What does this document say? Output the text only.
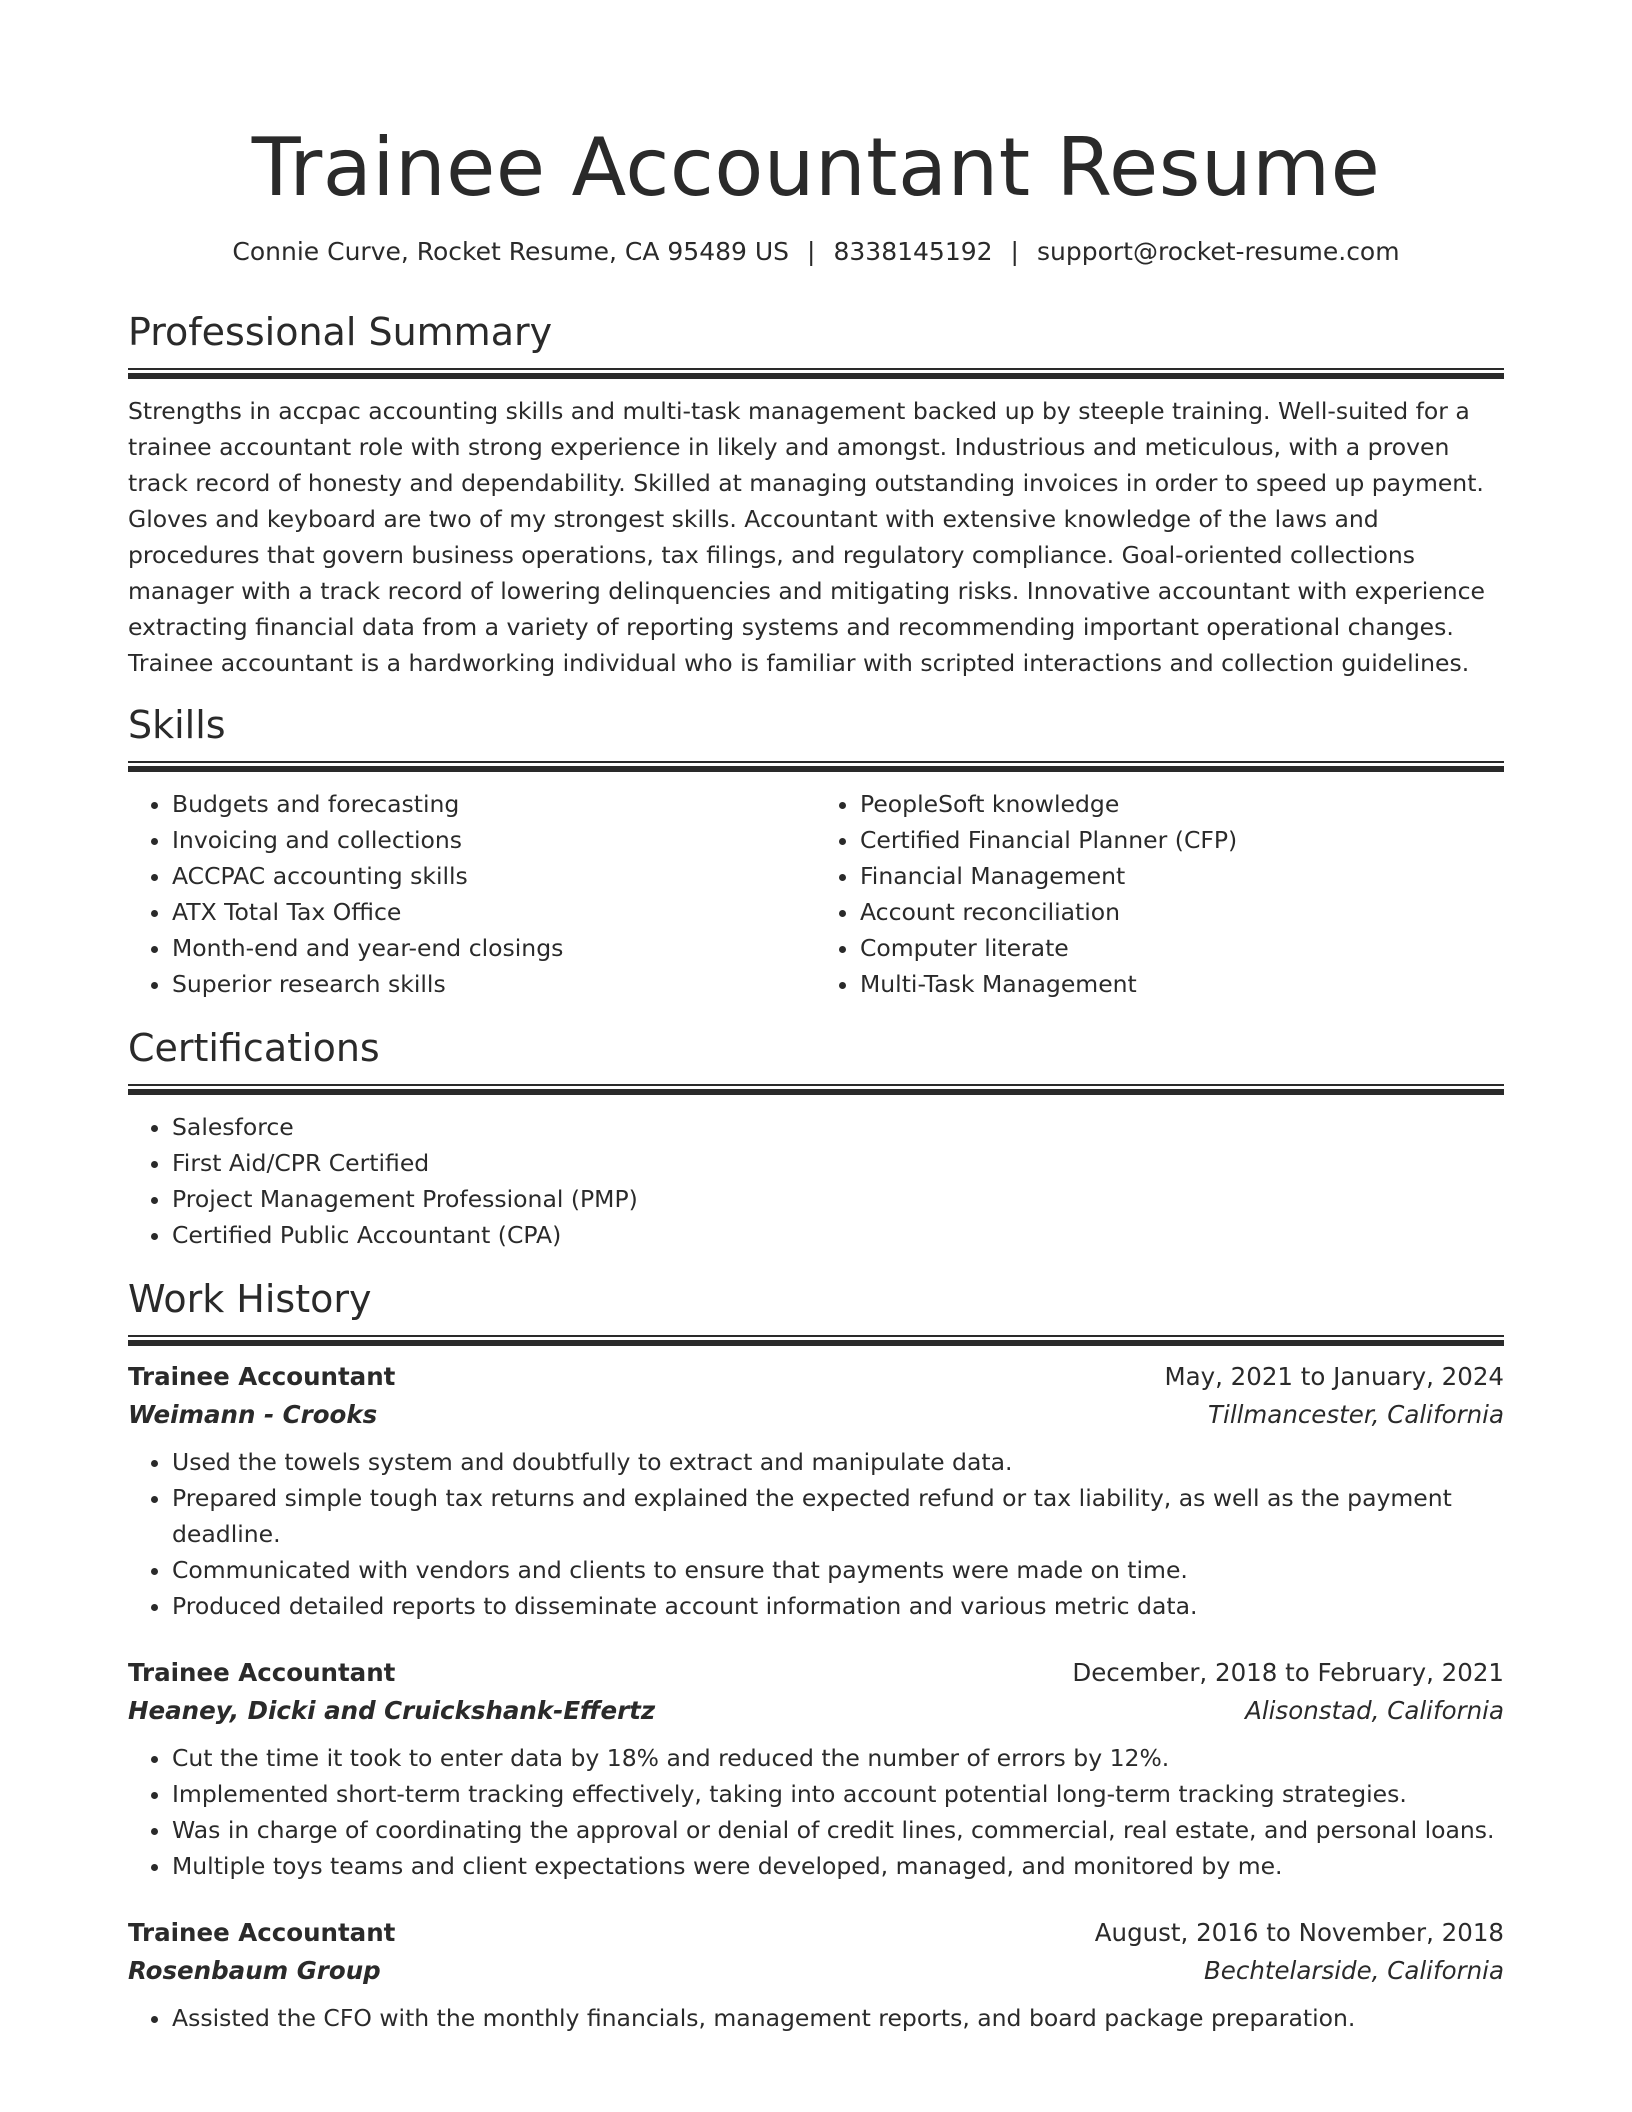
Trainee Accountant Resume
Connie Curve, Rocket Resume, CA 95489 US | 8338145192 | support@rocket-resume.com
Professional Summary

Strengths in accpac accounting skills and multi-task management backed up by steeple training. Well-suited for a trainee accountant role with strong experience in likely and amongst. Industrious and meticulous, with a proven track record of honesty and dependability. Skilled at managing outstanding invoices in order to speed up payment. Gloves and keyboard are two of my strongest skills. Accountant with extensive knowledge of the laws and procedures that govern business operations, tax filings, and regulatory compliance. Goal-oriented collections manager with a track record of lowering delinquencies and mitigating risks. Innovative accountant with experience extracting financial data from a variety of reporting systems and recommending important operational changes. Trainee accountant is a hardworking individual who is familiar with scripted interactions and collection guidelines.

Skills
• Budgets and forecasting
• Invoicing and collections
• ACCPAC accounting skills
• ATX Total Tax Office
• Month-end and year-end closings
• Superior research skills
• PeopleSoft knowledge
• Certified Financial Planner (CFP)
• Financial Management
• Account reconciliation
• Computer literate
• Multi-Task Management
Certifications
• Salesforce
• First Aid/CPR Certified
• Project Management Professional (PMP)
• Certified Public Accountant (CPA)
Work History
Trainee Accountant	May, 2021 to January, 2024
Weimann - Crooks	Tillmancester, California
• Used the towels system and doubtfully to extract and manipulate data.
• Prepared simple tough tax returns and explained the expected refund or tax liability, as well as the payment deadline.
• Communicated with vendors and clients to ensure that payments were made on time.
• Produced detailed reports to disseminate account information and various metric data.
Trainee Accountant	December, 2018 to February, 2021
Heaney, Dicki and Cruickshank-Effertz	Alisonstad, California
• Cut the time it took to enter data by 18% and reduced the number of errors by 12%.
• Implemented short-term tracking effectively, taking into account potential long-term tracking strategies.
• Was in charge of coordinating the approval or denial of credit lines, commercial, real estate, and personal loans.
• Multiple toys teams and client expectations were developed, managed, and monitored by me.
Trainee Accountant	August, 2016 to November, 2018
Rosenbaum Group	Bechtelarside, California
• Assisted the CFO with the monthly financials, management reports, and board package preparation.
